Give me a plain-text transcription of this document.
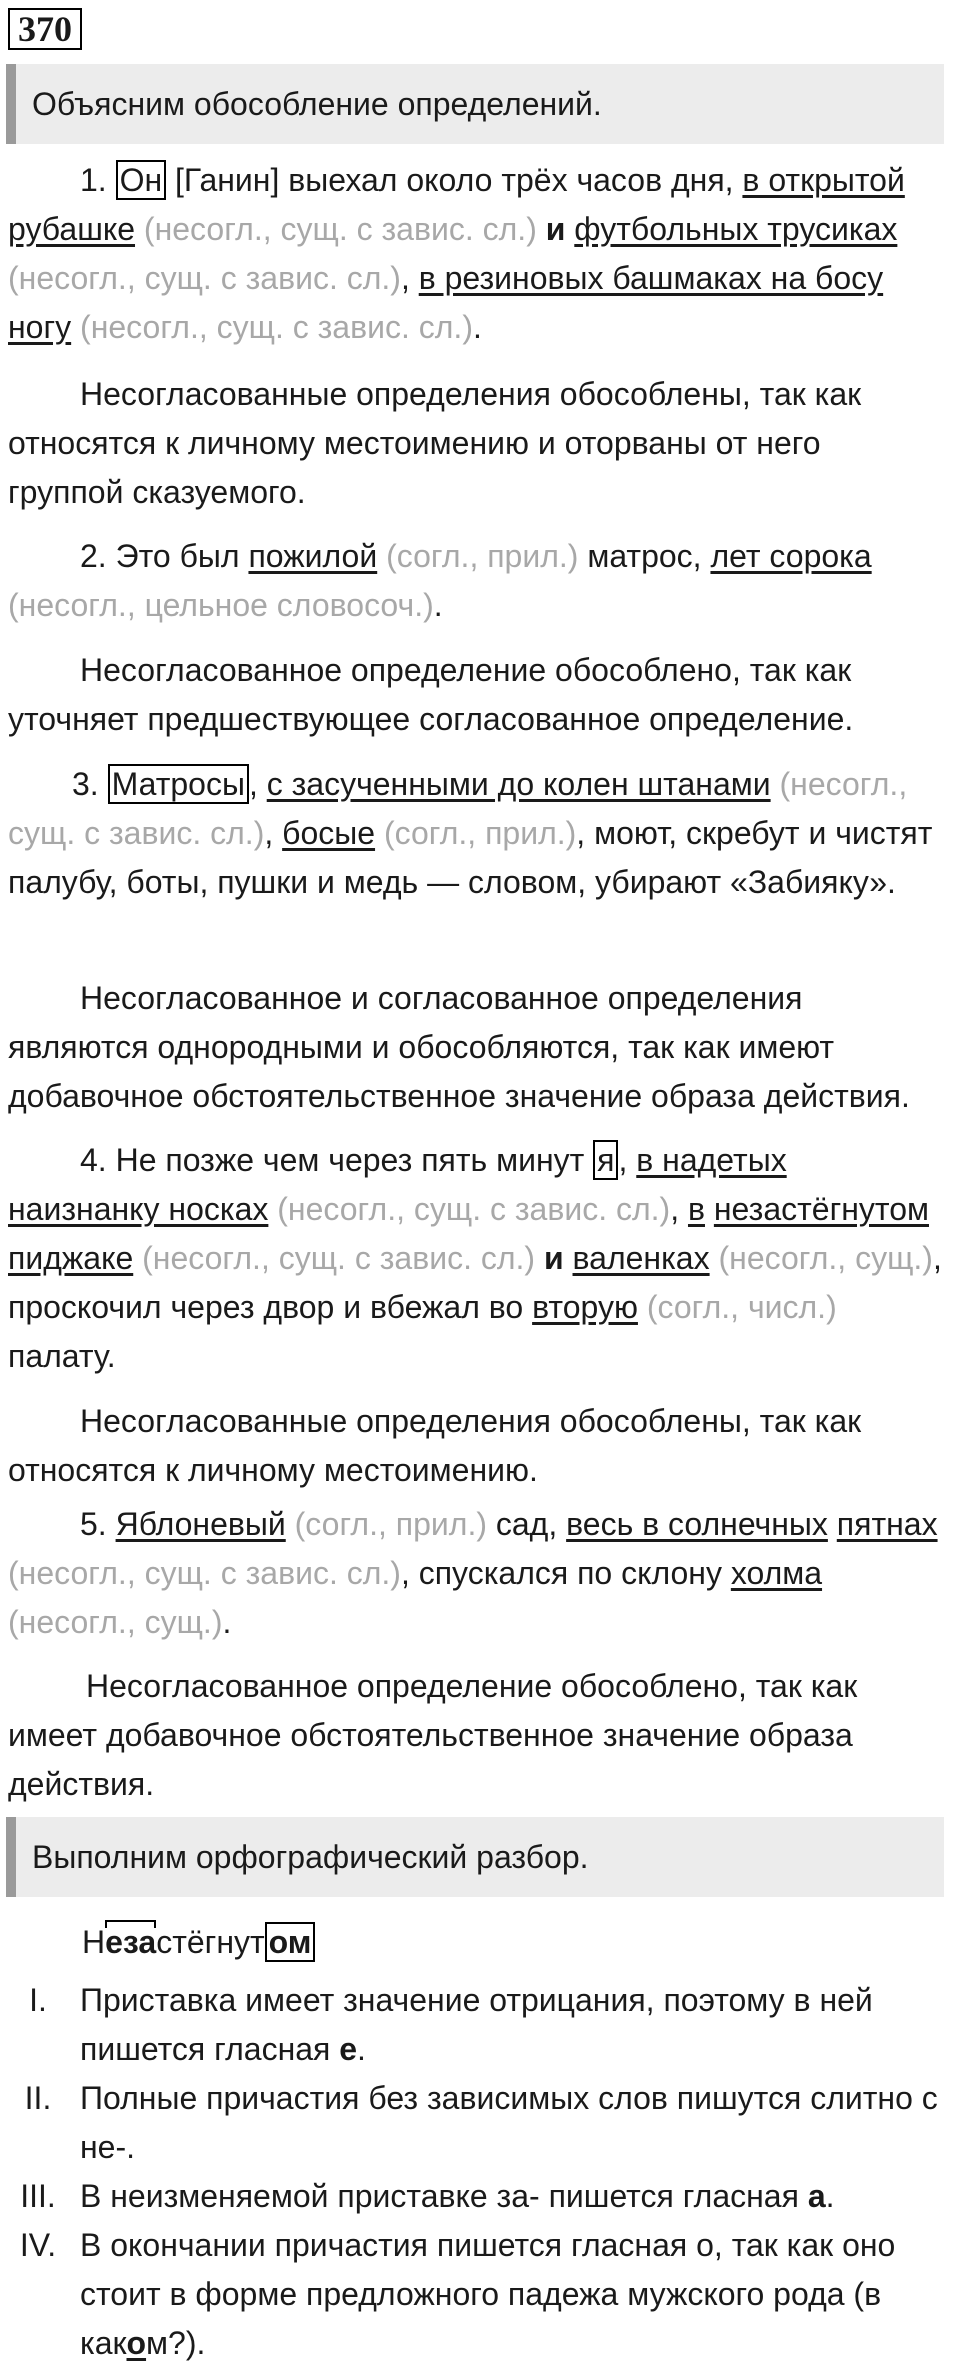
370
Объясним обособление определений.
1. Он [Ганин] выехал около трёх часов дня, в открытой рубашке (несогл., сущ. с завис. сл.) и футбольных трусиках (несогл., сущ. с завис. сл.), в резиновых башмаках на босу ногу (несогл., сущ. с завис. сл.).
Несогласованные определения обособлены, так как относятся к личному местоимению и оторваны от него группой сказуемого.
2. Это был пожилой (согл., прил.) матрос, лет сорока (несогл., цельное словосоч.).
Несогласованное определение обособлено, так как уточняет предшествующее согласованное определение.
3. Матросы , с засученными до колен штанами (несогл., сущ. с завис. сл.), босые (согл., прил.), моют, скребут и чистят палубу, боты, пушки и медь — словом, убирают «Забияку».
Несогласованное и согласованное определения являются однородными и обособляются, так как имеют добавочное обстоятельственное значение образа действия.
4. Не позже чем через пять минут я , в надетых наизнанку носках (несогл., сущ. с завис. сл.), в незастёгнутом пиджаке (несогл., сущ. с завис. сл.) и валенках (несогл., сущ.), проскочил через двор и вбежал во вторую (согл., числ.) палату.
Несогласованные определения обособлены, так как относятся к личному местоимению.
5. Яблоневый (согл., прил.) сад, весь в солнечных пятнах (несогл., сущ. с завис. сл.), спускался по склону холма (несогл., сущ.).
Несогласованное определение обособлено, так как имеет добавочное обстоятельственное значение образа действия.
Выполним орфографический разбор.
Незастёгнут ом
I.	Приставка имеет значение отрицания, поэтому в ней пишется гласная е.
II. Полные причастия без зависимых слов пишутся слитно с не-.
III. В неизменяемой приставке за- пишется гласная а.
IV. В окончании причастия пишется гласная о, так как оно стоит в форме предложного падежа мужского рода (в каком?).
